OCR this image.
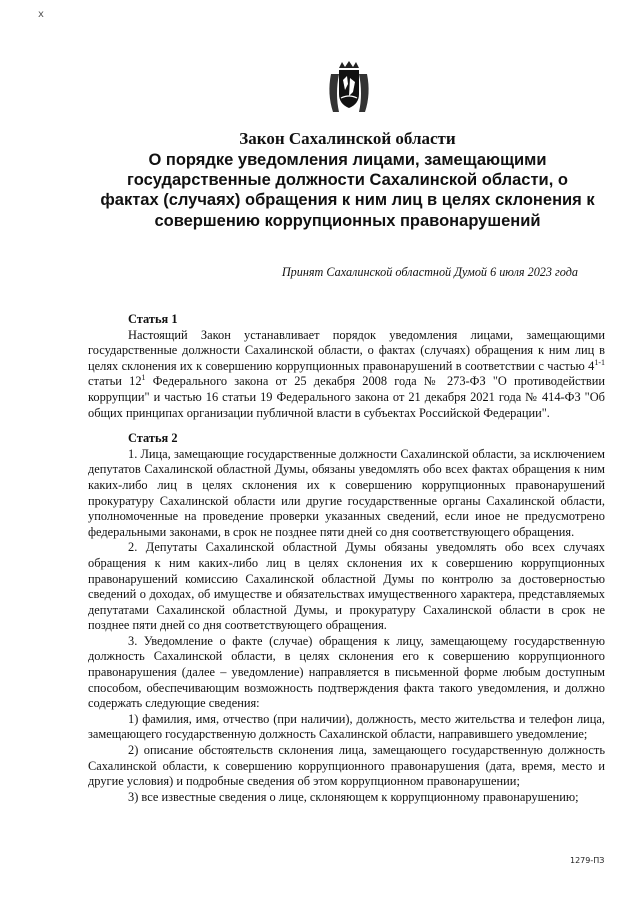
x
Закон Сахалинской области
О порядке уведомления лицами, замещающими государственные должности Сахалинской области, о фактах (случаях) обращения к ним лиц в целях склонения к совершению коррупционных правонарушений
Принят Сахалинской областной Думой 6 июля 2023 года

Статья 1

Настоящий Закон устанавливает порядок уведомления лицами, замещающими государственные должности Сахалинской области, о фактах (случаях) обращения к ним лиц в целях склонения их к совершению коррупционных правонарушений в соответствии с частью 4$^{1-1}$ статьи $12^1$ Федерального закона от 25 декабря 2008 года № 273-ФЗ "О противодействии коррупции" и частью 16 статьи 19 Федерального закона от 21 декабря 2021 года № 414-ФЗ "Об общих принципах организации публичной власти в субъектах Российской Федерации".

Статья 2

1. Лица, замещающие государственные должности Сахалинской области, за исключением депутатов Сахалинской областной Думы, обязаны уведомлять обо всех фактах обращения к ним каких-либо лиц в целях склонения их к совершению коррупционных правонарушений прокуратуру Сахалинской области или другие государственные органы Сахалинской области, уполномоченные на проведение проверки указанных сведений, если иное не предусмотрено федеральными законами, в срок не позднее пяти дней со дня соответствующего обращения.

2. Депутаты Сахалинской областной Думы обязаны уведомлять обо всех случаях обращения к ним каких-либо лиц в целях склонения их к совершению коррупционных правонарушений комиссию Сахалинской областной Думы по контролю за достоверностью сведений о доходах, об имуществе и обязательствах имущественного характера, представляемых депутатами Сахалинской областной Думы, и прокуратуру Сахалинской области в срок не позднее пяти дней со дня соответствующего обращения.

3. Уведомление о факте (случае) обращения к лицу, замещающему государственную должность Сахалинской области, в целях склонения его к совершению коррупционного правонарушения (далее – уведомление) направляется в письменной форме любым доступным способом, обеспечивающим возможность подтверждения факта такого уведомления, и должно содержать следующие сведения:

1) фамилия, имя, отчество (при наличии), должность, место жительства и телефон лица, замещающего государственную должность Сахалинской области, направившего уведомление;

2) описание обстоятельств склонения лица, замещающего государственную должность Сахалинской области, к совершению коррупционного правонарушения (дата, время, место и другие условия) и подробные сведения об этом коррупционном правонарушении;

3) все известные сведения о лице, склоняющем к коррупционному правонарушению;

1279-ПЗ
